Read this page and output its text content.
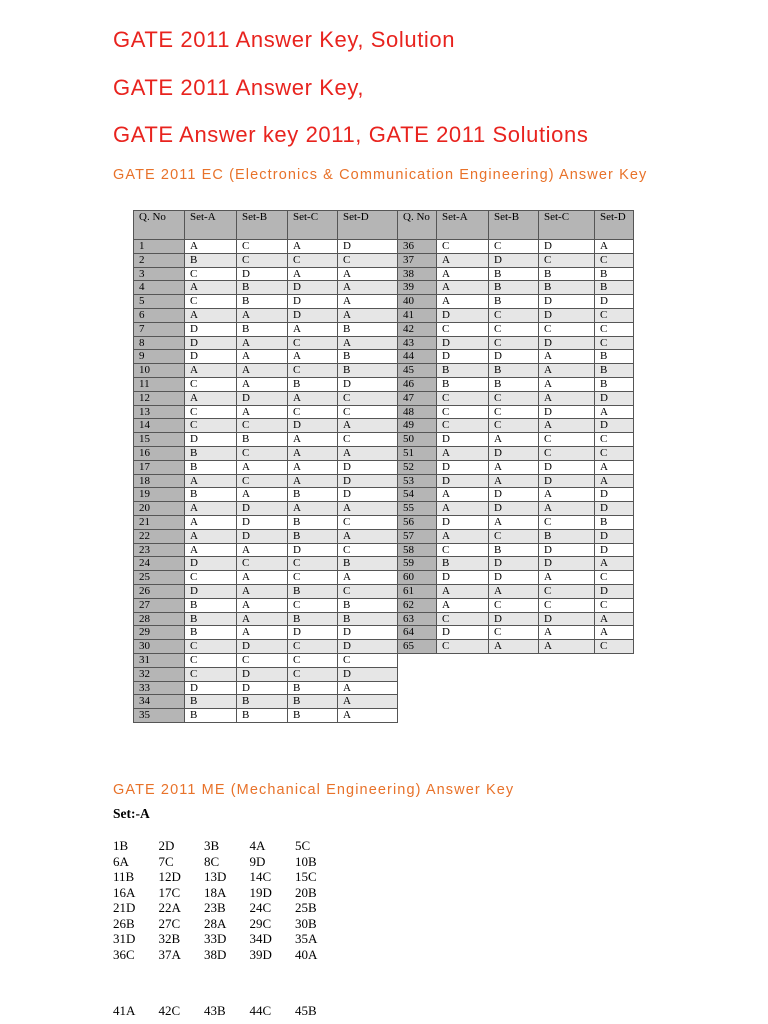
GATE 2011 Answer Key, Solution
GATE 2011 Answer Key,
GATE Answer key 2011, GATE 2011 Solutions
GATE 2011 EC (Electronics & Communication Engineering) Answer Key
Q. No	Set-A	Set-B	Set-C	Set-D
1	A	C	A	D
2	B	C	C	C
3	C	D	A	A
4	A	B	D	A
5	C	B	D	A
6	A	A	D	A
7	D	B	A	B
8	D	A	C	A
9	D	A	A	B
10	A	A	C	B
11	C	A	B	D
12	A	D	A	C
13	C	A	C	C
14	C	C	D	A
15	D	B	A	C
16	B	C	A	A
17	B	A	A	D
18	A	C	A	D
19	B	A	B	D
20	A	D	A	A
21	A	D	B	C
22	A	D	B	A
23	A	A	D	C
24	D	C	C	B
25	C	A	C	A
26	D	A	B	C
27	B	A	C	B
28	B	A	B	B
29	B	A	D	D
30	C	D	C	D
31	C	C	C	C
32	C	D	C	D
33	D	D	B	A
34	B	B	B	A
35	B	B	B	A
Q. No	Set-A	Set-B	Set-C	Set-D
36	C	C	D	A
37	A	D	C	C
38	A	B	B	B
39	A	B	B	B
40	A	B	D	D
41	D	C	D	C
42	C	C	C	C
43	D	C	D	C
44	D	D	A	B
45	B	B	A	B
46	B	B	A	B
47	C	C	A	D
48	C	C	D	A
49	C	C	A	D
50	D	A	C	C
51	A	D	C	C
52	D	A	D	A
53	D	A	D	A
54	A	D	A	D
55	A	D	A	D
56	D	A	C	B
57	A	C	B	D
58	C	B	D	D
59	B	D	D	A
60	D	D	A	C
61	A	A	C	D
62	A	C	C	C
63	C	D	D	A
64	D	C	A	A
65	C	A	A	C
GATE 2011 ME (Mechanical Engineering) Answer Key

Set:-A

1B	2D	3B	4A	5C
6A	7C	8C	9D	10B
11B	12D	13D	14C	15C
16A	17C	18A	19D	20B
21D	22A	23B	24C	25B
26B	27C	28A	29C	30B
31D	32B	33D	34D	35A
36C	37A	38D	39D	40A
41A	42C	43B	44C	45B
